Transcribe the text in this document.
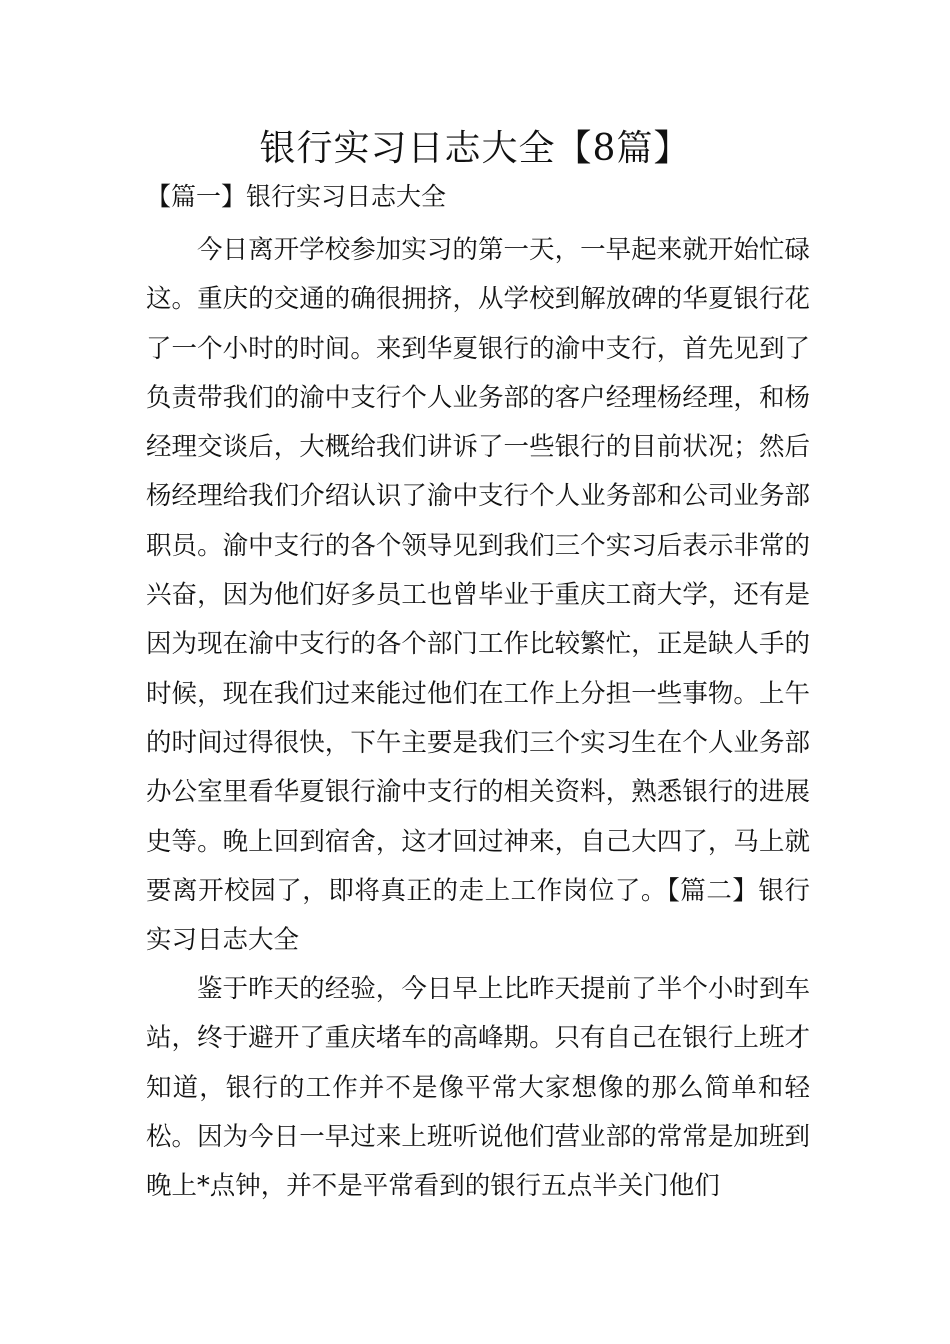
银行实习日志大全【8篇】
【篇一】银行实习日志大全

今日离开学校参加实习的第一天，一早起来就开始忙碌这。重庆的交通的确很拥挤，从学校到解放碑的华夏银行花了一个小时的时间。来到华夏银行的渝中支行，首先见到了负责带我们的渝中支行个人业务部的客户经理杨经理，和杨经理交谈后，大概给我们讲诉了一些银行的目前状况；然后杨经理给我们介绍认识了渝中支行个人业务部和公司业务部职员。渝中支行的各个领导见到我们三个实习后表示非常的兴奋，因为他们好多员工也曾毕业于重庆工商大学，还有是因为现在渝中支行的各个部门工作比较繁忙，正是缺人手的时候，现在我们过来能过他们在工作上分担一些事物。上午的时间过得很快，下午主要是我们三个实习生在个人业务部办公室里看华夏银行渝中支行的相关资料，熟悉银行的进展史等。晚上回到宿舍，这才回过神来，自己大四了，马上就要离开校园了，即将真正的走上工作岗位了。【篇二】银行实习日志大全

鉴于昨天的经验，今日早上比昨天提前了半个小时到车站，终于避开了重庆堵车的高峰期。只有自己在银行上班才知道，银行的工作并不是像平常大家想像的那么简单和轻松。因为今日一早过来上班听说他们营业部的常常是加班到晚上*点钟，并不是平常看到的银行五点半关门他们
